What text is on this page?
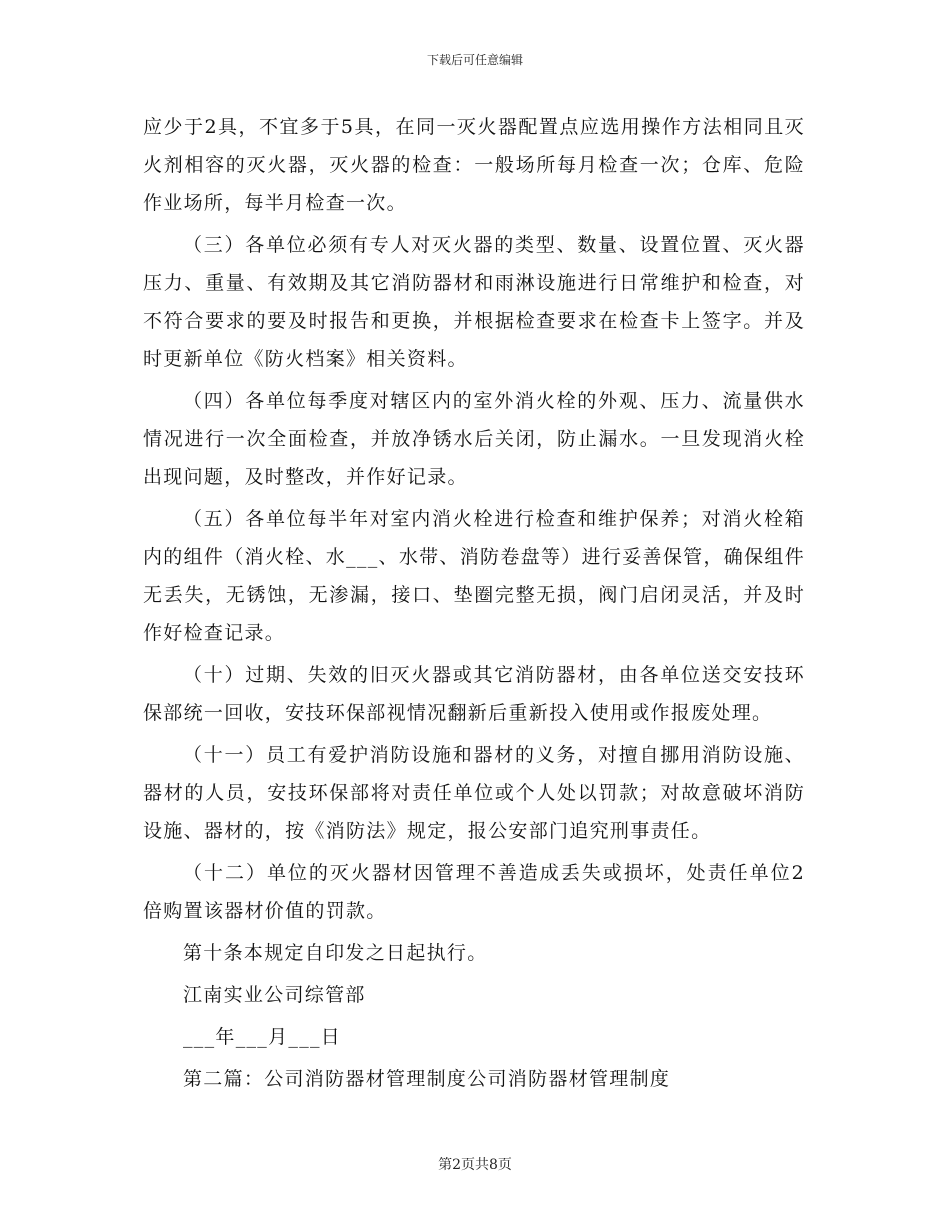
下载后可任意编辑

应少于2具，不宜多于5具，在同一灭火器配置点应选用操作方法相同且灭火剂相容的灭火器，灭火器的检查：一般场所每月检查一次；仓库、危险作业场所，每半月检查一次。

（三）各单位必须有专人对灭火器的类型、数量、设置位置、灭火器压力、重量、有效期及其它消防器材和雨淋设施进行日常维护和检查，对不符合要求的要及时报告和更换，并根据检查要求在检查卡上签字。并及时更新单位《防火档案》相关资料。

（四）各单位每季度对辖区内的室外消火栓的外观、压力、流量供水情况进行一次全面检查，并放净锈水后关闭，防止漏水。一旦发现消火栓出现问题，及时整改，并作好记录。

（五）各单位每半年对室内消火栓进行检查和维护保养；对消火栓箱内的组件（消火栓、水___、水带、消防卷盘等）进行妥善保管，确保组件无丢失，无锈蚀，无渗漏，接口、垫圈完整无损，阀门启闭灵活，并及时作好检查记录。

（十）过期、失效的旧灭火器或其它消防器材，由各单位送交安技环保部统一回收，安技环保部视情况翻新后重新投入使用或作报废处理。

（十一）员工有爱护消防设施和器材的义务，对擅自挪用消防设施、器材的人员，安技环保部将对责任单位或个人处以罚款；对故意破坏消防设施、器材的，按《消防法》规定，报公安部门追究刑事责任。

（十二）单位的灭火器材因管理不善造成丢失或损坏，处责任单位2倍购置该器材价值的罚款。

第十条本规定自印发之日起执行。

江南实业公司综管部

___年___月___日

第二篇：公司消防器材管理制度公司消防器材管理制度

第2页共8页
